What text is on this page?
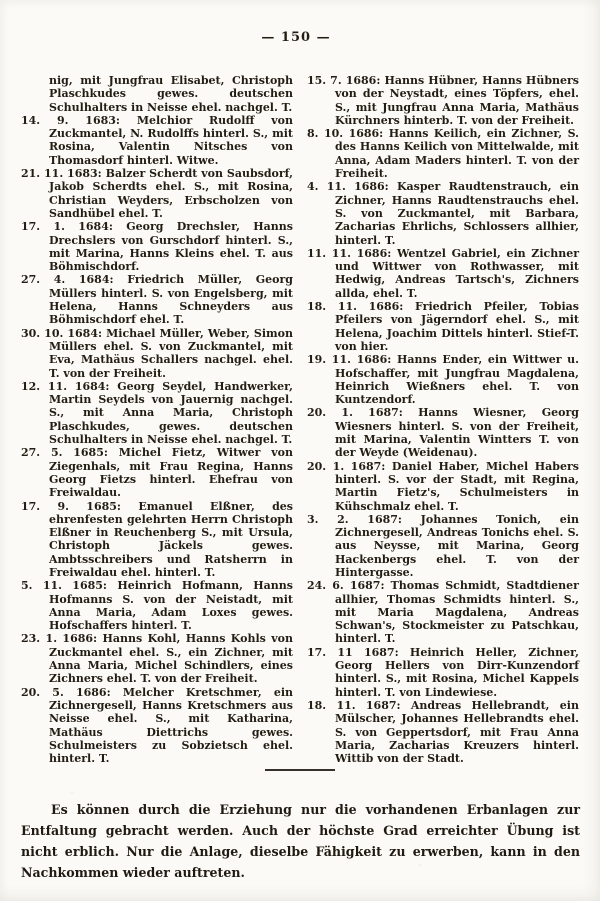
— 150 —

nig, mit Jungfrau Elisabet, Christoph Plaschkudes gewes. deutschen Schulhalters in Neisse ehel. nachgel. T.

14. 9. 1683: Melchior Rudolff von Zuckmantel, N. Rudolffs hinterl. S., mit Rosina, Valentin Nitsches von Thomasdorf hinterl. Witwe.

21. 11. 1683: Balzer Scherdt von Saubsdorf, Jakob Scherdts ehel. S., mit Rosina, Christian Weyders, Erbscholzen von Sandhübel ehel. T.

17. 1. 1684: Georg Drechsler, Hanns Drechslers von Gurschdorf hinterl. S., mit Marina, Hanns Kleins ehel. T. aus Böhmischdorf.

27. 4. 1684: Friedrich Müller, Georg Müllers hinterl. S. von Engelsberg, mit Helena, Hanns Schneyders aus Böhmischdorf ehel. T.

30. 10. 1684: Michael Müller, Weber, Simon Müllers ehel. S. von Zuckmantel, mit Eva, Mathäus Schallers nachgel. ehel. T. von der Freiheit.

12. 11. 1684: Georg Seydel, Handwerker, Martin Seydels von Jauernig nachgel. S., mit Anna Maria, Christoph Plaschkudes, gewes. deutschen Schulhalters in Neisse ehel. nachgel. T.

27. 5. 1685: Michel Fietz, Witwer von Ziegenhals, mit Frau Regina, Hanns Georg Fietzs hinterl. Ehefrau von Freiwaldau.

17. 9. 1685: Emanuel Elßner, des ehrenfesten gelehrten Herrn Christoph Elßner in Reuchenberg S., mit Ursula, Christoph Jäckels gewes. Ambtsschreibers und Ratsherrn in Freiwaldau ehel. hinterl. T.

5. 11. 1685: Heinrich Hofmann, Hanns Hofmanns S. von der Neistadt, mit Anna Maria, Adam Loxes gewes. Hofschaffers hinterl. T.

23. 1. 1686: Hanns Kohl, Hanns Kohls von Zuckmantel ehel. S., ein Zichner, mit Anna Maria, Michel Schindlers, eines Zichners ehel. T. von der Freiheit.

20. 5. 1686: Melcher Kretschmer, ein Zichnergesell, Hanns Kretschmers aus Neisse ehel. S., mit Katharina, Mathäus Diettrichs gewes. Schulmeisters zu Sobzietsch ehel. hinterl. T.

15. 7. 1686: Hanns Hübner, Hanns Hübners von der Neystadt, eines Töpfers, ehel. S., mit Jungfrau Anna Maria, Mathäus Kürchners hinterb. T. von der Freiheit.

8. 10. 1686: Hanns Keilich, ein Zichner, S. des Hanns Keilich von Mittelwalde, mit Anna, Adam Maders hinterl. T. von der Freiheit.

4. 11. 1686: Kasper Raudtenstrauch, ein Zichner, Hanns Raudtenstrauchs ehel. S. von Zuckmantel, mit Barbara, Zacharias Ehrlichs, Schlossers allhier, hinterl. T.

11. 11. 1686: Wentzel Gabriel, ein Zichner und Wittwer von Rothwasser, mit Hedwig, Andreas Tartsch's, Zichners allda, ehel. T.

18. 11. 1686: Friedrich Pfeiler, Tobias Pfeilers von Jägerndorf ehel. S., mit Helena, Joachim Dittels hinterl. Stief-T. von hier.

19. 11. 1686: Hanns Ender, ein Wittwer u. Hofschaffer, mit Jungfrau Magdalena, Heinrich Wießners ehel. T. von Kuntzendorf.

20. 1. 1687: Hanns Wiesner, Georg Wiesners hinterl. S. von der Freiheit, mit Marina, Valentin Wintters T. von der Weyde (Weidenau).

20. 1. 1687: Daniel Haber, Michel Habers hinterl. S. vor der Stadt, mit Regina, Martin Fietz's, Schulmeisters in Kühschmalz ehel. T.

3. 2. 1687: Johannes Tonich, ein Zichnergesell, Andreas Tonichs ehel. S. aus Neysse, mit Marina, Georg Hackenbergs ehel. T. von der Hintergasse.

24. 6. 1687: Thomas Schmidt, Stadtdiener allhier, Thomas Schmidts hinterl. S., mit Maria Magdalena, Andreas Schwan's, Stockmeister zu Patschkau, hinterl. T.

17. 11 1687: Heinrich Heller, Zichner, Georg Hellers von Dirr-Kunzendorf hinterl. S., mit Rosina, Michel Kappels hinterl. T. von Lindewiese.

18. 11. 1687: Andreas Hellebrandt, ein Mülscher, Johannes Hellebrandts ehel. S. von Geppertsdorf, mit Frau Anna Maria, Zacharias Kreuzers hinterl. Wittib von der Stadt.

Es können durch die Erziehung nur die vorhandenen Erbanlagen zur Entfaltung gebracht werden. Auch der höchste Grad erreichter Übung ist nicht erblich. Nur die Anlage, dieselbe Fähigkeit zu erwerben, kann in den Nachkommen wieder auftreten.
